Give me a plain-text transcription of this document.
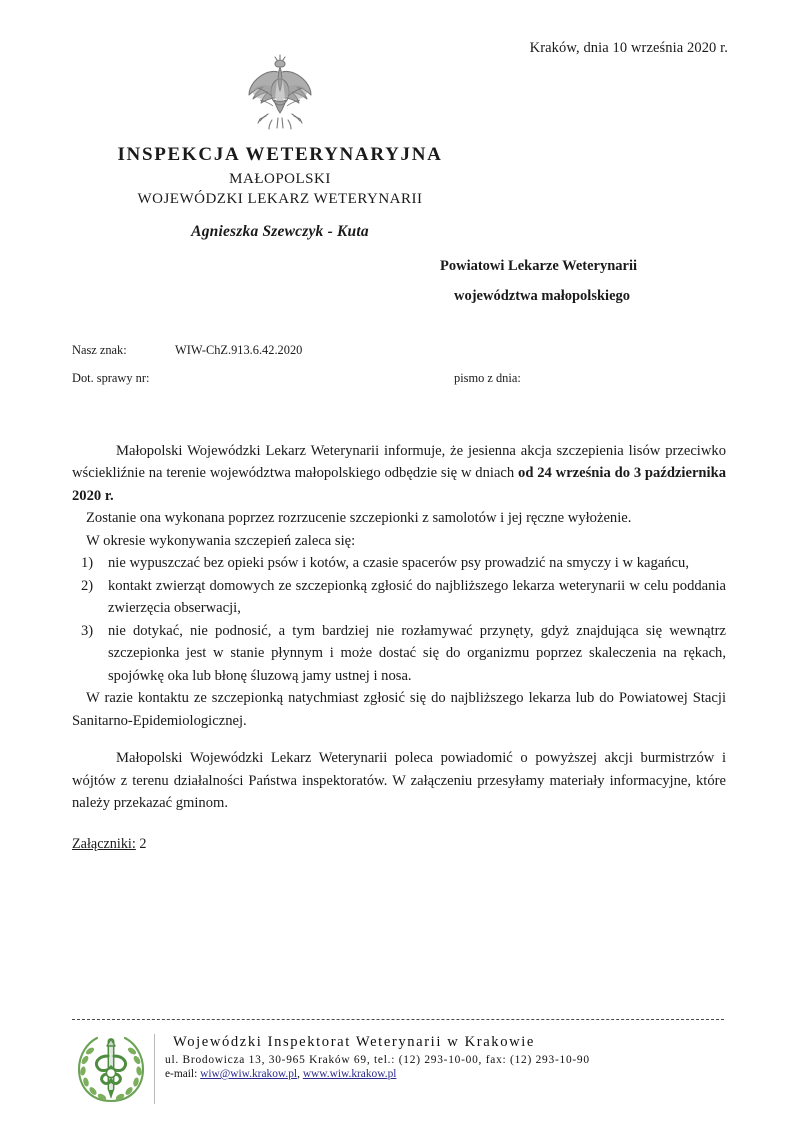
Kraków, dnia 10 września 2020 r.
INSPEKCJA WETERYNARYJNA
MAŁOPOLSKI
WOJEWÓDZKI LEKARZ WETERYNARII
Agnieszka Szewczyk - Kuta
Powiatowi Lekarze Weterynarii
województwa małopolskiego
Nasz znak:	WIW-ChZ.913.6.42.2020
Dot. sprawy nr:	pismo z dnia:

Małopolski Wojewódzki Lekarz Weterynarii informuje, że jesienna akcja szczepienia lisów przeciwko wściekliźnie na terenie województwa małopolskiego odbędzie się w dniach od 24 września do 3 października 2020 r.

Zostanie ona wykonana poprzez rozrzucenie szczepionki z samolotów i jej ręczne wyłożenie.

W okresie wykonywania szczepień zaleca się:

nie wypuszczać bez opieki psów i kotów, a czasie spacerów psy prowadzić na smyczy i w kagańcu,
kontakt zwierząt domowych ze szczepionką zgłosić do najbliższego lekarza weterynarii w celu poddania zwierzęcia obserwacji,
nie dotykać, nie podnosić, a tym bardziej nie rozłamywać przynęty, gdyż znajdująca się wewnątrz szczepionka jest w stanie płynnym i może dostać się do organizmu poprzez skaleczenia na rękach, spojówkę oka lub błonę śluzową jamy ustnej i nosa.

W razie kontaktu ze szczepionką natychmiast zgłosić się do najbliższego lekarza lub do Powiatowej Stacji Sanitarno-Epidemiologicznej.

Małopolski Wojewódzki Lekarz Weterynarii poleca powiadomić o powyższej akcji burmistrzów i wójtów z terenu działalności Państwa inspektoratów. W załączeniu przesyłamy materiały informacyjne, które należy przekazać gminom.

Załączniki: 2
Wojewódzki Inspektorat Weterynarii w Krakowie
ul. Brodowicza 13, 30-965 Kraków 69, tel.: (12) 293-10-00, fax: (12) 293-10-90
e-mail: wiw@wiw.krakow.pl, www.wiw.krakow.pl
